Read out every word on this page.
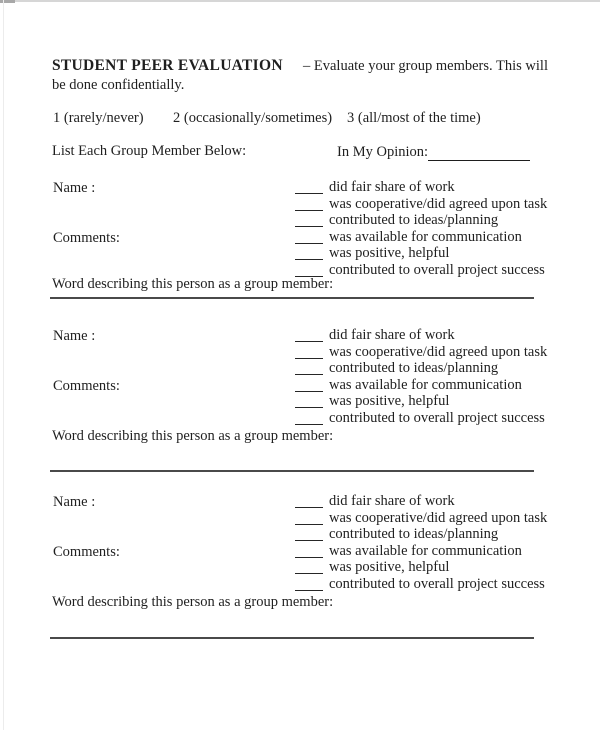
STUDENT PEER EVALUATION – Evaluate your group members. This will
be done confidentially.
1 (rarely/never) 2 (occasionally/sometimes) 3 (all/most of the time)
List Each Group Member Below:	In My Opinion:
Name :
Comments:
did fair share of work
was cooperative/did agreed upon task
contributed to ideas/planning
was available for communication
was positive, helpful
contributed to overall project success
Word describing this person as a group member:
Name :
Comments:
did fair share of work
was cooperative/did agreed upon task
contributed to ideas/planning
was available for communication
was positive, helpful
contributed to overall project success
Word describing this person as a group member:
Name :
Comments:
did fair share of work
was cooperative/did agreed upon task
contributed to ideas/planning
was available for communication
was positive, helpful
contributed to overall project success
Word describing this person as a group member:
